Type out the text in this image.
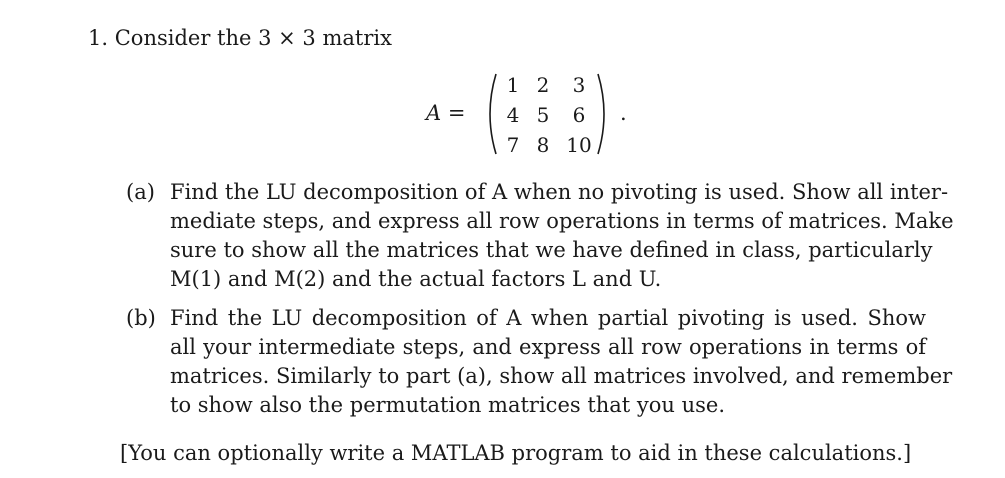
1. Consider the 3 × 3 matrix
A =
1 2	3
4 5	6
7 8 10
.
(a) Find the LU decomposition of A when no pivoting is used. Show all inter-
mediate steps, and express all row operations in terms of matrices. Make
sure to show all the matrices that we have defined in class, particularly
M(1) and M(2) and the actual factors L and U.
(b) Find the LU decomposition of A when partial pivoting is used. Show
all your intermediate steps, and express all row operations in terms of
matrices. Similarly to part (a), show all matrices involved, and remember
to show also the permutation matrices that you use.
[You can optionally write a MATLAB program to aid in these calculations.]
